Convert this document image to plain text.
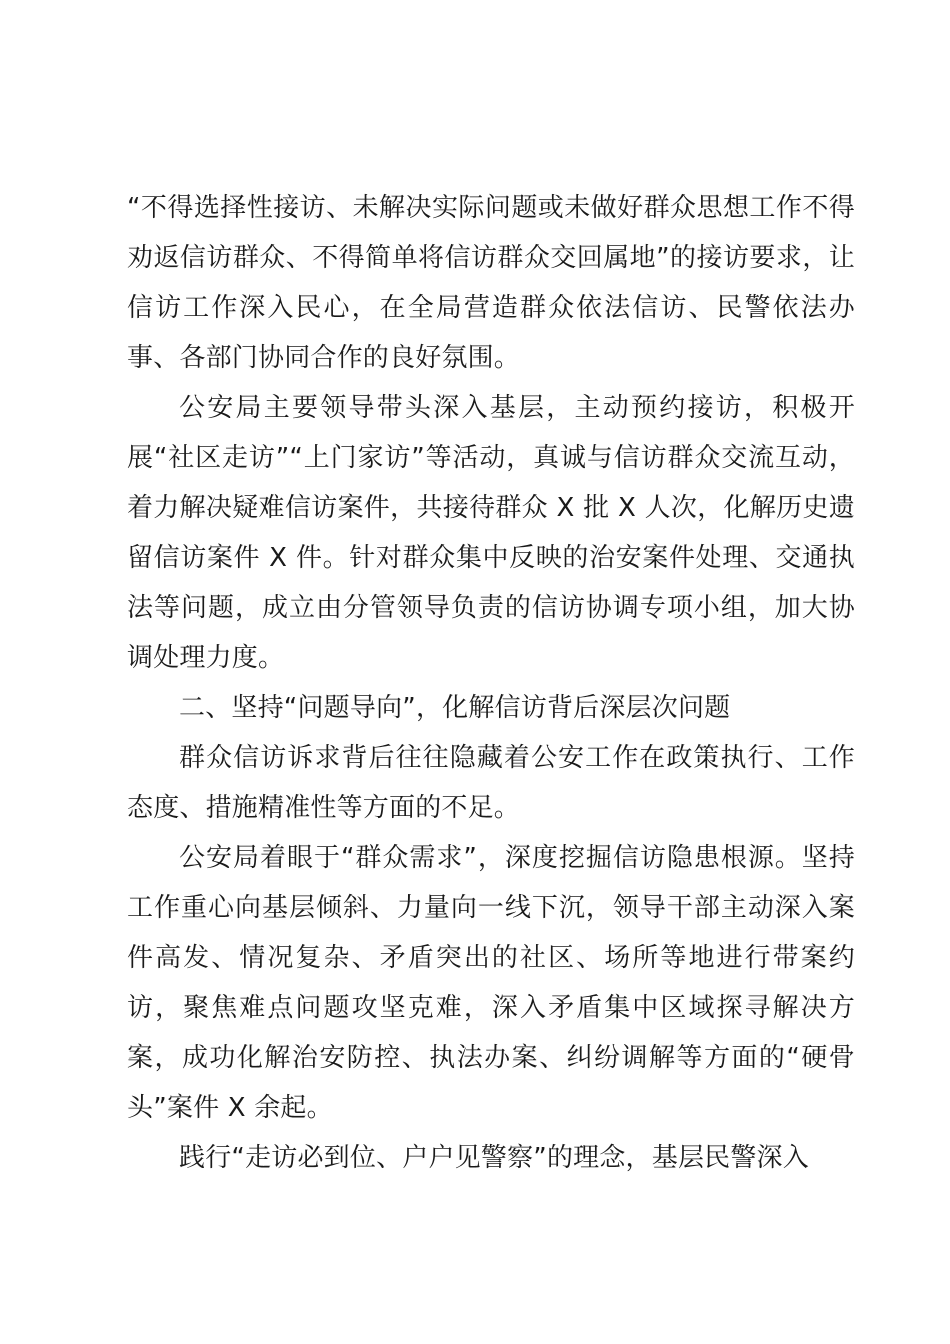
“不得选择性接访、未解决实际问题或未做好群众思想工作不得劝返信访群众、不得简单将信访群众交回属地”的接访要求，让信访工作深入民心，在全局营造群众依法信访、民警依法办事、各部门协同合作的良好氛围。

公安局主要领导带头深入基层，主动预约接访，积极开展“社区走访”“上门家访”等活动，真诚与信访群众交流互动，着力解决疑难信访案件，共接待群众 X 批 X 人次，化解历史遗留信访案件 X 件。针对群众集中反映的治安案件处理、交通执法等问题，成立由分管领导负责的信访协调专项小组，加大协调处理力度。

二、坚持“问题导向”，化解信访背后深层次问题

群众信访诉求背后往往隐藏着公安工作在政策执行、工作态度、措施精准性等方面的不足。

公安局着眼于“群众需求”，深度挖掘信访隐患根源。坚持工作重心向基层倾斜、力量向一线下沉，领导干部主动深入案件高发、情况复杂、矛盾突出的社区、场所等地进行带案约访，聚焦难点问题攻坚克难，深入矛盾集中区域探寻解决方案，成功化解治安防控、执法办案、纠纷调解等方面的“硬骨头”案件 X 余起。

践行“走访必到位、户户见警察”的理念，基层民警深入
